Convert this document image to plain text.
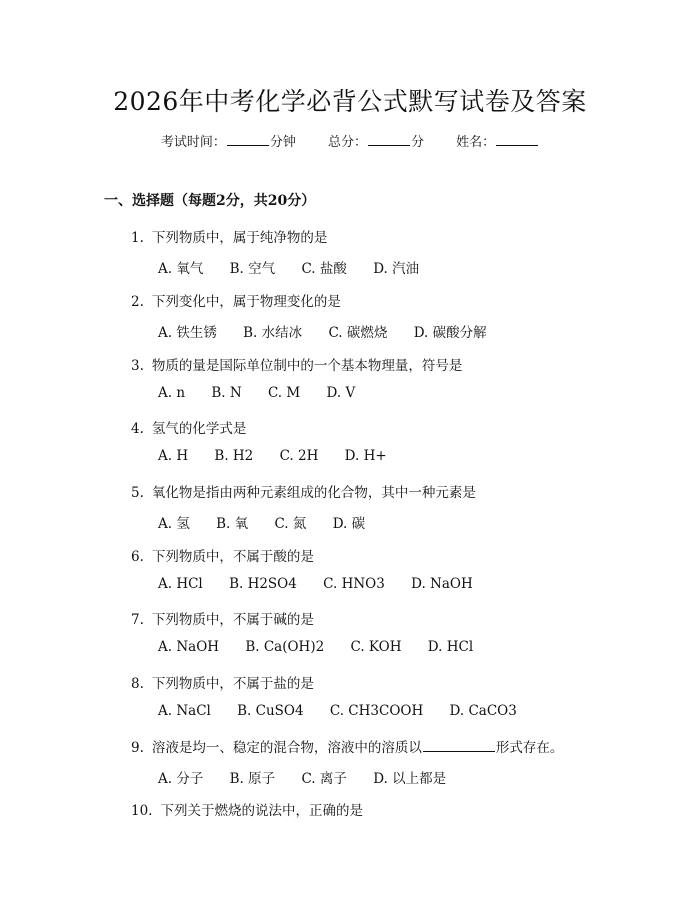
2026年中考化学必背公式默写试卷及答案
考试时间：	分钟 总分：	分 姓名：
一、选择题（每题2分，共20分）
1. 下列物质中，属于纯净物的是
A. 氧气 B. 空气 C. 盐酸 D. 汽油
2. 下列变化中，属于物理变化的是
A. 铁生锈 B. 水结冰 C. 碳燃烧 D. 碳酸分解
3. 物质的量是国际单位制中的一个基本物理量，符号是
A. n B. N C. M D. V
4. 氢气的化学式是
A. H B. H2 C. 2H D. H+
5. 氧化物是指由两种元素组成的化合物，其中一种元素是
A. 氢 B. 氧 C. 氮 D. 碳
6. 下列物质中，不属于酸的是
A. HCl B. H2SO4 C. HNO3 D. NaOH
7. 下列物质中，不属于碱的是
A. NaOH B. Ca(OH)2 C. KOH D. HCl
8. 下列物质中，不属于盐的是
A. NaCl B. CuSO4 C. CH3COOH D. CaCO3
9. 溶液是均一、稳定的混合物，溶液中的溶质以	形式存在。
A. 分子 B. 原子 C. 离子 D. 以上都是
10. 下列关于燃烧的说法中，正确的是
